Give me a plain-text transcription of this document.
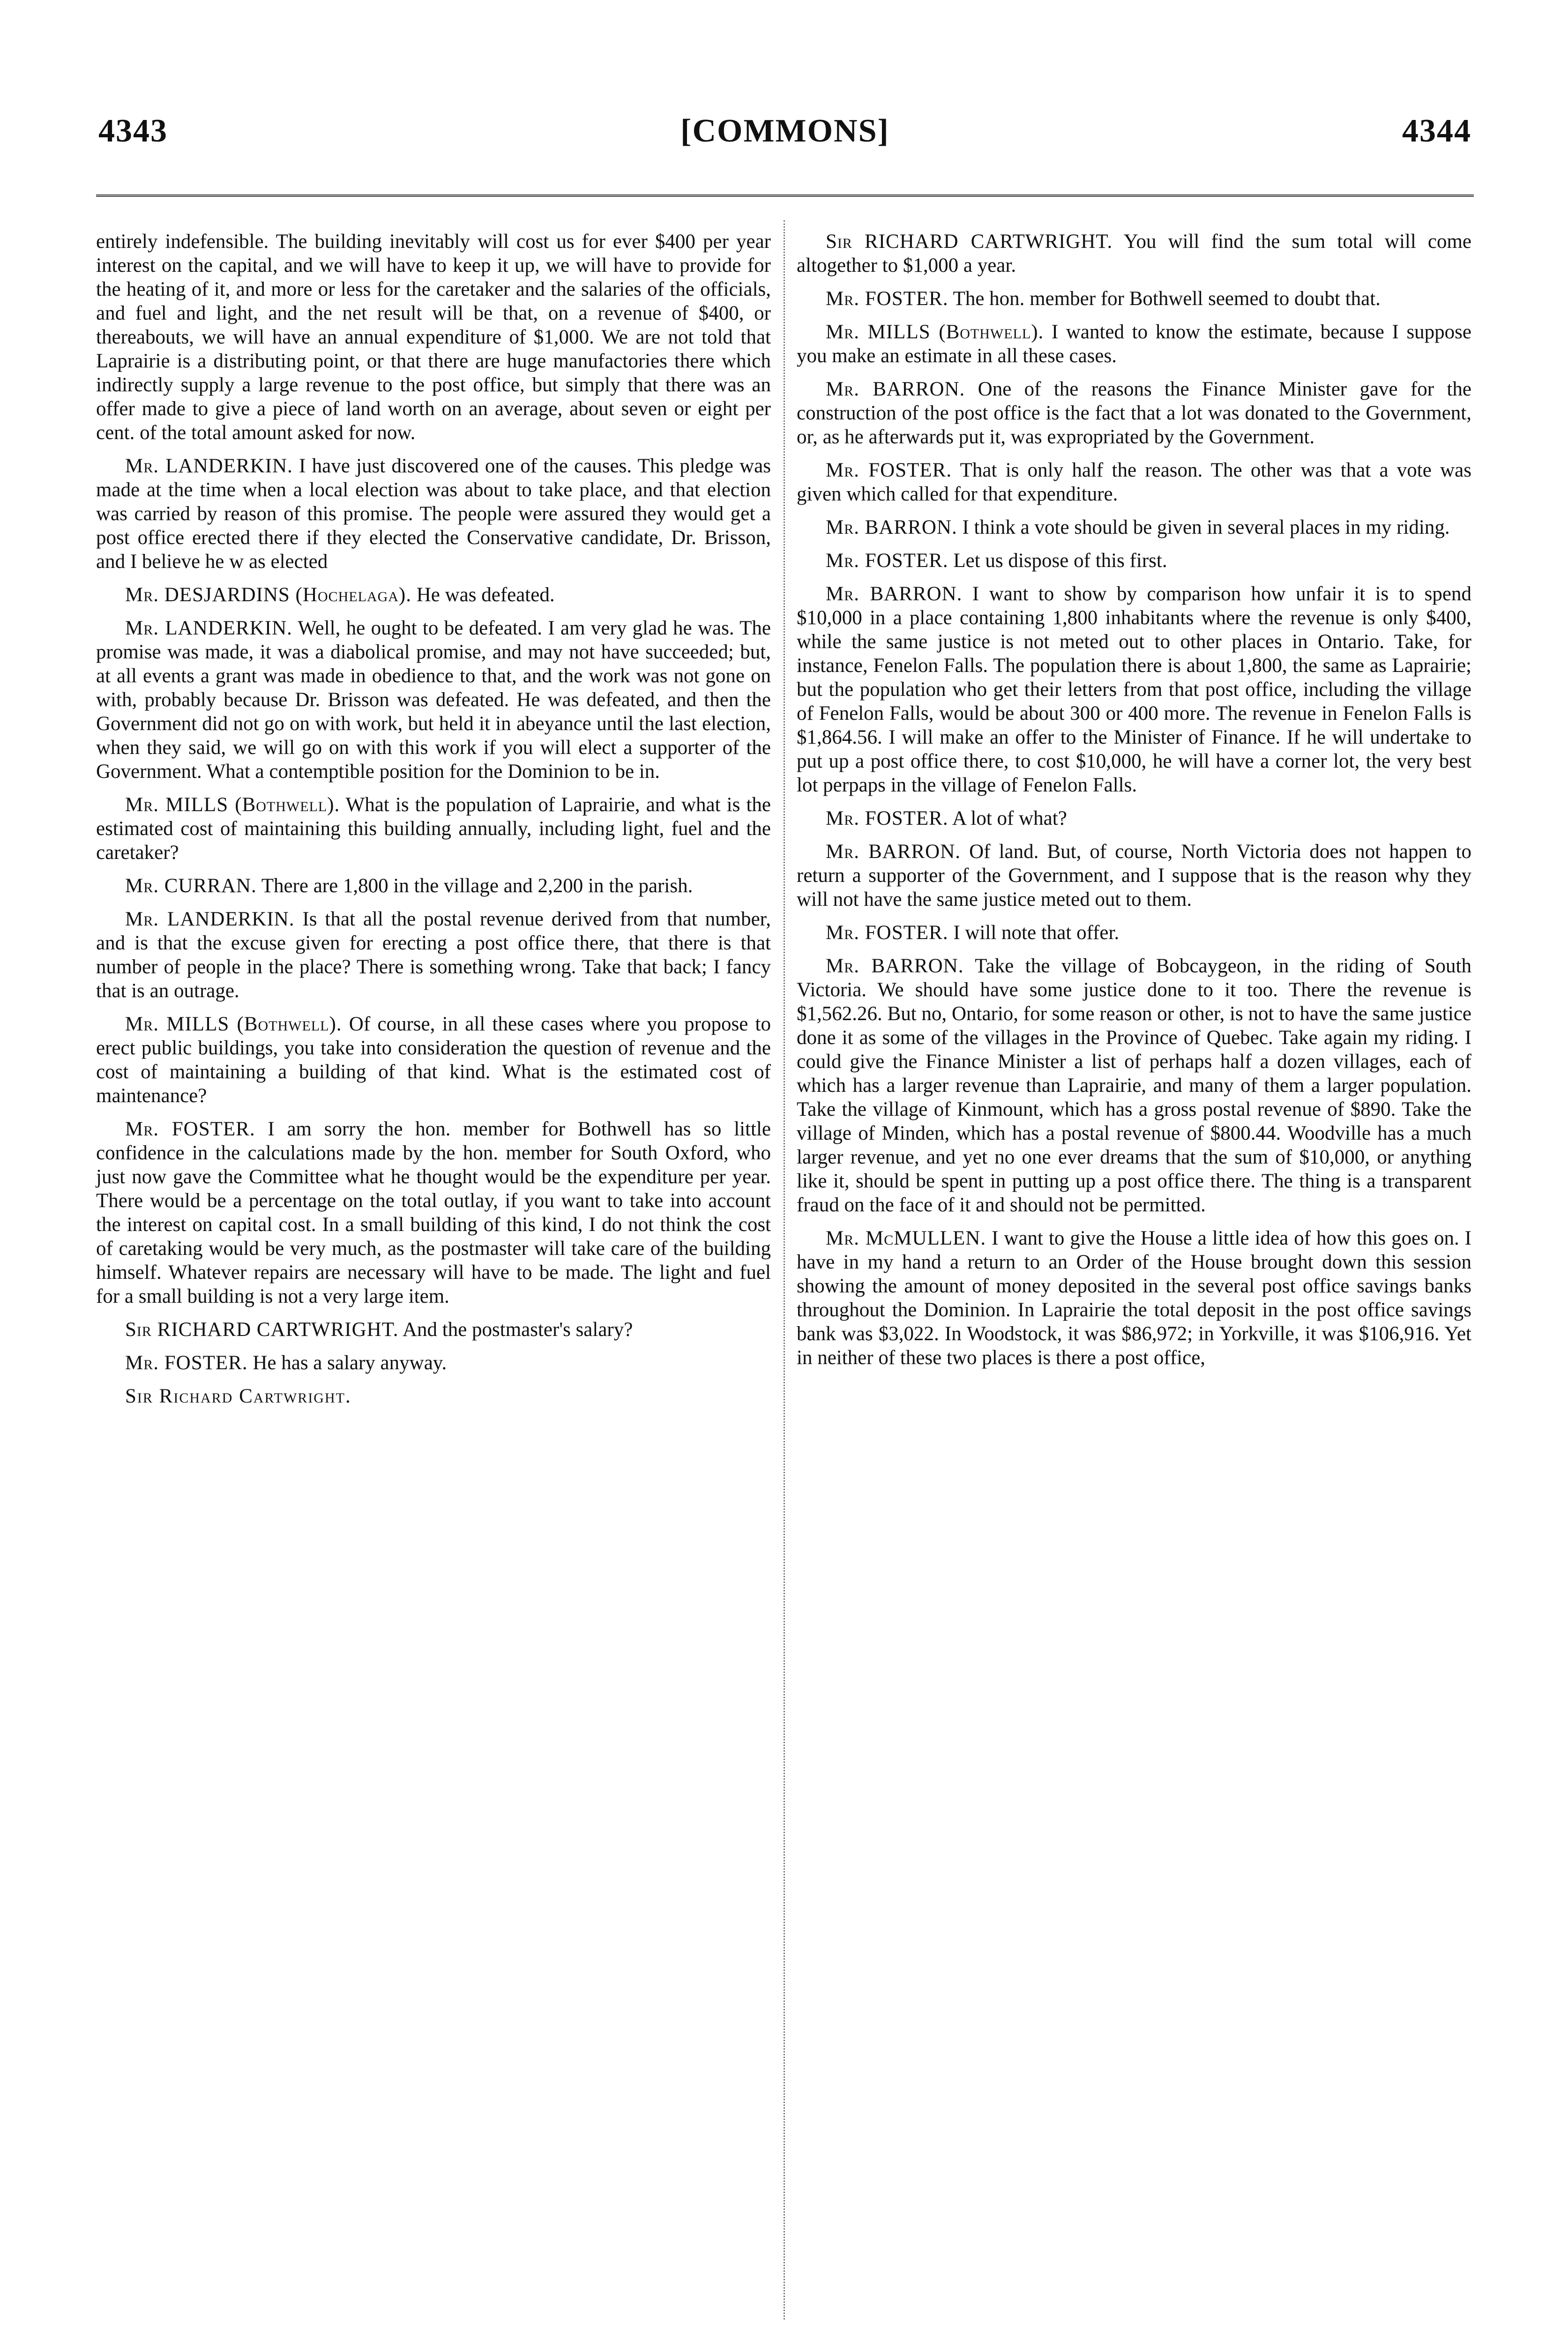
4343	[COMMONS]	4344

entirely indefensible. The building inevitably will cost us for ever $400 per year interest on the capital, and we will have to keep it up, we will have to provide for the heating of it, and more or less for the caretaker and the salaries of the officials, and fuel and light, and the net result will be that, on a revenue of $400, or thereabouts, we will have an annual expenditure of $1,000. We are not told that Laprairie is a distributing point, or that there are huge manufactories there which indirectly supply a large revenue to the post office, but simply that there was an offer made to give a piece of land worth on an average, about seven or eight per cent. of the total amount asked for now.

Mr. LANDERKIN. I have just discovered one of the causes. This pledge was made at the time when a local election was about to take place, and that election was carried by reason of this promise. The people were assured they would get a post office erected there if they elected the Conservative candidate, Dr. Brisson, and I believe he w as elected

Mr. DESJARDINS (Hochelaga). He was defeated.

Mr. LANDERKIN. Well, he ought to be defeated. I am very glad he was. The promise was made, it was a diabolical promise, and may not have succeeded; but, at all events a grant was made in obedience to that, and the work was not gone on with, probably because Dr. Brisson was defeated. He was defeated, and then the Government did not go on with work, but held it in abeyance until the last election, when they said, we will go on with this work if you will elect a supporter of the Government. What a contemptible position for the Dominion to be in.

Mr. MILLS (Bothwell). What is the population of Laprairie, and what is the estimated cost of maintaining this building annually, including light, fuel and the caretaker?

Mr. CURRAN. There are 1,800 in the village and 2,200 in the parish.

Mr. LANDERKIN. Is that all the postal revenue derived from that number, and is that the excuse given for erecting a post office there, that there is that number of people in the place? There is something wrong. Take that back; I fancy that is an outrage.

Mr. MILLS (Bothwell). Of course, in all these cases where you propose to erect public buildings, you take into consideration the question of revenue and the cost of maintaining a building of that kind. What is the estimated cost of maintenance?

Mr. FOSTER. I am sorry the hon. member for Bothwell has so little confidence in the calculations made by the hon. member for South Oxford, who just now gave the Committee what he thought would be the expenditure per year. There would be a percentage on the total outlay, if you want to take into account the interest on capital cost. In a small building of this kind, I do not think the cost of caretaking would be very much, as the postmaster will take care of the building himself. Whatever repairs are necessary will have to be made. The light and fuel for a small building is not a very large item.

Sir RICHARD CARTWRIGHT. And the postmaster's salary?

Mr. FOSTER. He has a salary anyway.

Sir Richard Cartwright.

Sir RICHARD CARTWRIGHT. You will find the sum total will come altogether to $1,000 a year.

Mr. FOSTER. The hon. member for Bothwell seemed to doubt that.

Mr. MILLS (Bothwell). I wanted to know the estimate, because I suppose you make an estimate in all these cases.

Mr. BARRON. One of the reasons the Finance Minister gave for the construction of the post office is the fact that a lot was donated to the Government, or, as he afterwards put it, was expropriated by the Government.

Mr. FOSTER. That is only half the reason. The other was that a vote was given which called for that expenditure.

Mr. BARRON. I think a vote should be given in several places in my riding.

Mr. FOSTER. Let us dispose of this first.

Mr. BARRON. I want to show by comparison how unfair it is to spend $10,000 in a place containing 1,800 inhabitants where the revenue is only $400, while the same justice is not meted out to other places in Ontario. Take, for instance, Fenelon Falls. The population there is about 1,800, the same as Laprairie; but the population who get their letters from that post office, including the village of Fenelon Falls, would be about 300 or 400 more. The revenue in Fenelon Falls is $1,864.56. I will make an offer to the Minister of Finance. If he will undertake to put up a post office there, to cost $10,000, he will have a corner lot, the very best lot perpaps in the village of Fenelon Falls.

Mr. FOSTER. A lot of what?

Mr. BARRON. Of land. But, of course, North Victoria does not happen to return a supporter of the Government, and I suppose that is the reason why they will not have the same justice meted out to them.

Mr. FOSTER. I will note that offer.

Mr. BARRON. Take the village of Bobcaygeon, in the riding of South Victoria. We should have some justice done to it too. There the revenue is $1,562.26. But no, Ontario, for some reason or other, is not to have the same justice done it as some of the villages in the Province of Quebec. Take again my riding. I could give the Finance Minister a list of perhaps half a dozen villages, each of which has a larger revenue than Laprairie, and many of them a larger population. Take the village of Kinmount, which has a gross postal revenue of $890. Take the village of Minden, which has a postal revenue of $800.44. Woodville has a much larger revenue, and yet no one ever dreams that the sum of $10,000, or anything like it, should be spent in putting up a post office there. The thing is a transparent fraud on the face of it and should not be permitted.

Mr. McMULLEN. I want to give the House a little idea of how this goes on. I have in my hand a return to an Order of the House brought down this session showing the amount of money deposited in the several post office savings banks throughout the Dominion. In Laprairie the total deposit in the post office savings bank was $3,022. In Woodstock, it was $86,972; in Yorkville, it was $106,916. Yet in neither of these two places is there a post office,
